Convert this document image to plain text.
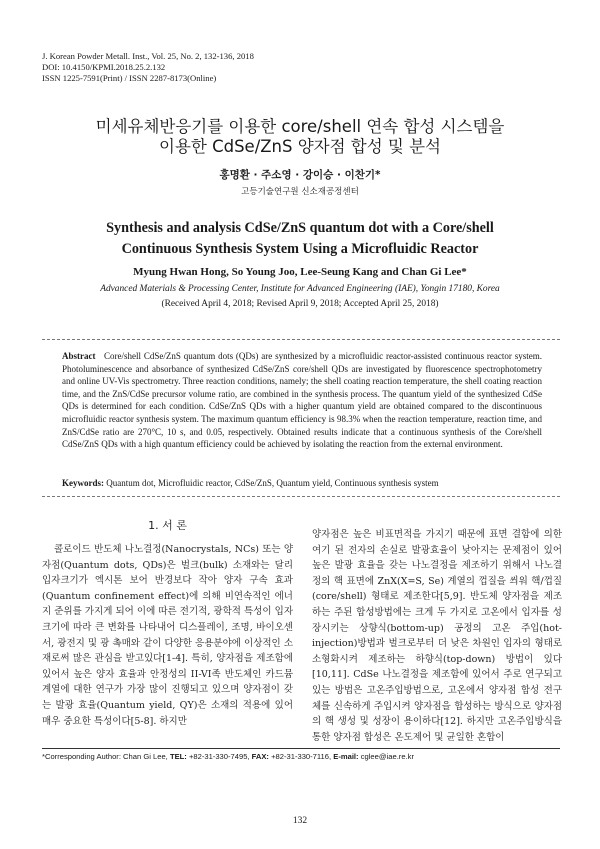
J. Korean Powder Metall. Inst., Vol. 25, No. 2, 132-136, 2018
DOI: 10.4150/KPMI.2018.25.2.132
ISSN 1225-7591(Print) / ISSN 2287-8173(Online)
미세유체반응기를 이용한 core/shell 연속 합성 시스템을
이용한 CdSe/ZnS 양자점 합성 및 분석
홍명환 · 주소영 · 강이승 · 이찬기*
고등기술연구원 신소재공정센터
Synthesis and analysis CdSe/ZnS quantum dot with a Core/shell
Continuous Synthesis System Using a Microfluidic Reactor
Myung Hwan Hong, So Young Joo, Lee-Seung Kang and Chan Gi Lee*
Advanced Materials & Processing Center, Institute for Advanced Engineering (IAE), Yongin 17180, Korea
(Received April 4, 2018; Revised April 9, 2018; Accepted April 25, 2018)
Abstract Core/shell CdSe/ZnS quantum dots (QDs) are synthesized by a microfluidic reactor-assisted continuous reactor system. Photoluminescence and absorbance of synthesized CdSe/ZnS core/shell QDs are investigated by fluorescence spectrophotometry and online UV-Vis spectrometry. Three reaction conditions, namely; the shell coating reaction temperature, the shell coating reaction time, and the ZnS/CdSe precursor volume ratio, are combined in the synthesis process. The quantum yield of the synthesized CdSe QDs is determined for each condition. CdSe/ZnS QDs with a higher quantum yield are obtained compared to the discontinuous microfluidic reactor synthesis system. The maximum quantum efficiency is 98.3% when the reaction temperature, reaction time, and ZnS/CdSe ratio are 270°C, 10 s, and 0.05, respectively. Obtained results indicate that a continuous synthesis of the Core/shell CdSe/ZnS QDs with a high quantum efficiency could be achieved by isolating the reaction from the external environment.
Keywords: Quantum dot, Microfluidic reactor, CdSe/ZnS, Quantum yield, Continuous synthesis system
1. 서 론
콜로이드 반도체 나노결정(Nanocrystals, NCs) 또는 양자점(Quantum dots, QDs)은 벌크(bulk) 소재와는 달리 입자크기가 엑시톤 보어 반경보다 작아 양자 구속 효과(Quantum confinement effect)에 의해 비연속적인 에너지 준위를 가지게 되어 이에 따른 전기적, 광학적 특성이 입자 크기에 따라 큰 변화를 나타내어 디스플레이, 조명, 바이오센서, 광전지 및 광 촉매와 같이 다양한 응용분야에 이상적인 소재로써 많은 관심을 받고있다[1-4]. 특히, 양자점을 제조함에 있어서 높은 양자 효율과 안정성의 II-VI족 반도체인 카드뮴계열에 대한 연구가 가장 많이 진행되고 있으며 양자점이 갖는 발광 효율(Quantum yield, QY)은 소재의 적용에 있어 매우 중요한 특성이다[5-8]. 하지만
양자점은 높은 비표면적을 가지기 때문에 표면 결함에 의한 여기 된 전자의 손실로 발광효율이 낮아지는 문제점이 있어 높은 발광 효율을 갖는 나노결정을 제조하기 위해서 나노결정의 핵 표면에 ZnX(X=S, Se) 계열의 껍질을 씌워 핵/껍질(core/shell) 형태로 제조한다[5,9]. 반도체 양자점을 제조하는 주된 합성방법에는 크게 두 가지로 고온에서 입자를 성장시키는 상향식(bottom-up) 공정의 고온 주입(hot-injection)방법과 벌크로부터 더 낮은 차원인 입자의 형태로 소형화시켜 제조하는 하향식(top-down) 방법이 있다[10,11]. CdSe 나노결정을 제조함에 있어서 주로 연구되고 있는 방법은 고온주입방법으로, 고온에서 양자점 합성 전구체를 신속하게 주입시켜 양자점을 합성하는 방식으로 양자점의 핵 생성 및 성장이 용이하다[12]. 하지만 고온주입방식을 통한 양자점 합성은 온도제어 및 균일한 혼합이
*Corresponding Author: Chan Gi Lee, TEL: +82-31-330-7495, FAX: +82-31-330-7116, E-mail: cglee@iae.re.kr
132
